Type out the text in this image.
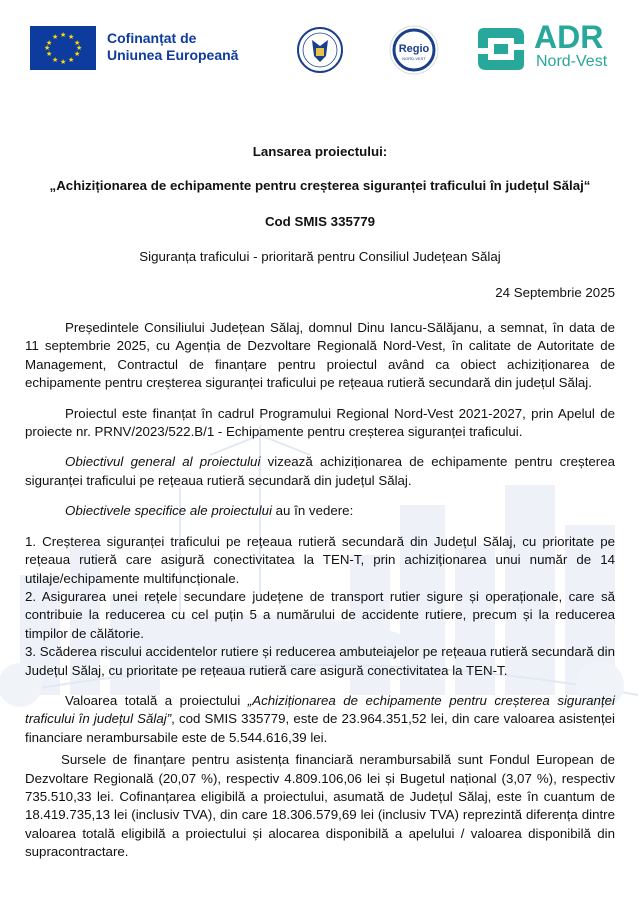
★ ★
★
★
★
★
★
★
★
★
★
★	Cofinanțat de
Uniunea Europeană	Regio
NORD-VEST
ADR
Nord-Vest

Lansarea proiectului:

„Achiziționarea de echipamente pentru creșterea siguranței traficului în județul Sălaj“

Cod SMIS 335779

Siguranța traficului - prioritară pentru Consiliul Județean Sălaj

24 Septembrie 2025

Președintele Consiliului Județean Sălaj, domnul Dinu Iancu-Sălăjanu, a semnat, în data de 11 septembrie 2025, cu Agenția de Dezvoltare Regională Nord-Vest, în calitate de Autoritate de Management, Contractul de finanțare pentru proiectul având ca obiect achiziționarea de echipamente pentru creșterea siguranței traficului pe rețeaua rutieră secundară din județul Sălaj.

Proiectul este finanțat în cadrul Programului Regional Nord-Vest 2021-2027, prin Apelul de proiecte nr. PRNV/2023/522.B/1 - Echipamente pentru creșterea siguranței traficului.

Obiectivul general al proiectului vizează achiziționarea de echipamente pentru creșterea siguranței traficului pe rețeaua rutieră secundară din județul Sălaj.

Obiectivele specifice ale proiectului au în vedere:

1. Creșterea siguranței traficului pe rețeaua rutieră secundară din Județul Sălaj, cu prioritate pe rețeaua rutieră care asigură conectivitatea la TEN-T, prin achiziționarea unui număr de 14 utilaje/echipamente multifuncționale.

2. Asigurarea unei rețele secundare județene de transport rutier sigure și operaționale, care să contribuie la reducerea cu cel puțin 5 a numărului de accidente rutiere, precum și la reducerea timpilor de călătorie.

3. Scăderea riscului accidentelor rutiere și reducerea ambuteiajelor pe rețeaua rutieră secundară din Județul Sălaj, cu prioritate pe rețeaua rutieră care asigură conectivitatea la TEN-T.

Valoarea totală a proiectului „Achiziționarea de echipamente pentru creșterea siguranței traficului în județul Sălaj”, cod SMIS 335779, este de 23.964.351,52 lei, din care valoarea asistenței financiare nerambursabile este de 5.544.616,39 lei.

Sursele de finanțare pentru asistența financiară nerambursabilă sunt Fondul European de Dezvoltare Regională (20,07 %), respectiv 4.809.106,06 lei și Bugetul național (3,07 %), respectiv 735.510,33 lei. Cofinanțarea eligibilă a proiectului, asumată de Județul Sălaj, este în cuantum de 18.419.735,13 lei (inclusiv TVA), din care 18.306.579,69 lei (inclusiv TVA) reprezintă diferența dintre valoarea totală eligibilă a proiectului și alocarea disponibilă a apelului / valoarea disponibilă din supracontractare.
